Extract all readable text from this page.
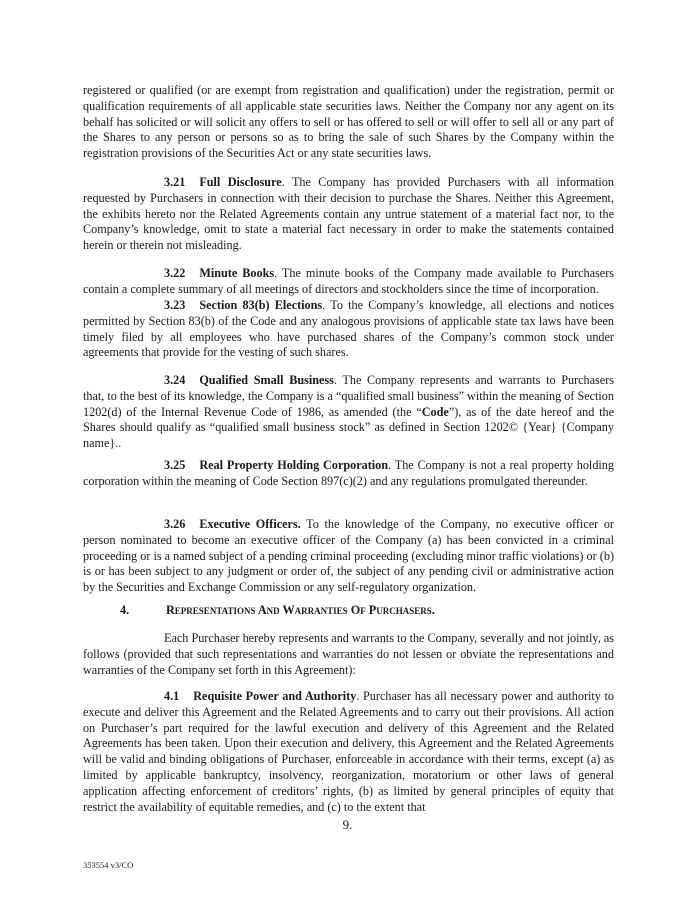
registered or qualified (or are exempt from registration and qualification) under the registration, permit or qualification requirements of all applicable state securities laws. Neither the Company nor any agent on its behalf has solicited or will solicit any offers to sell or has offered to sell or will offer to sell all or any part of the Shares to any person or persons so as to bring the sale of such Shares by the Company within the registration provisions of the Securities Act or any state securities laws.

3.21 Full Disclosure. The Company has provided Purchasers with all information requested by Purchasers in connection with their decision to purchase the Shares. Neither this Agreement, the exhibits hereto nor the Related Agreements contain any untrue statement of a material fact nor, to the Company’s knowledge, omit to state a material fact necessary in order to make the statements contained herein or therein not misleading.

3.22 Minute Books. The minute books of the Company made available to Purchasers contain a complete summary of all meetings of directors and stockholders since the time of incorporation.

3.23 Section 83(b) Elections. To the Company’s knowledge, all elections and notices permitted by Section 83(b) of the Code and any analogous provisions of applicable state tax laws have been timely filed by all employees who have purchased shares of the Company’s common stock under agreements that provide for the vesting of such shares.

3.24 Qualified Small Business. The Company represents and warrants to Purchasers that, to the best of its knowledge, the Company is a “qualified small business” within the meaning of Section 1202(d) of the Internal Revenue Code of 1986, as amended (the “Code”), as of the date hereof and the Shares should qualify as “qualified small business stock” as defined in Section 1202© {Year} {Company name}..

3.25 Real Property Holding Corporation. The Company is not a real property holding corporation within the meaning of Code Section 897(c)(2) and any regulations promulgated thereunder.

3.26 Executive Officers. To the knowledge of the Company, no executive officer or person nominated to become an executive officer of the Company (a) has been convicted in a criminal proceeding or is a named subject of a pending criminal proceeding (excluding minor traffic violations) or (b) is or has been subject to any judgment or order of, the subject of any pending civil or administrative action by the Securities and Exchange Commission or any self-regulatory organization.

4.	Representations And Warranties Of Purchasers.

Each Purchaser hereby represents and warrants to the Company, severally and not jointly, as follows (provided that such representations and warranties do not lessen or obviate the representations and warranties of the Company set forth in this Agreement):

4.1 Requisite Power and Authority. Purchaser has all necessary power and authority to execute and deliver this Agreement and the Related Agreements and to carry out their provisions. All action on Purchaser’s part required for the lawful execution and delivery of this Agreement and the Related Agreements has been taken. Upon their execution and delivery, this Agreement and the Related Agreements will be valid and binding obligations of Purchaser, enforceable in accordance with their terms, except (a) as limited by applicable bankruptcy, insolvency, reorganization, moratorium or other laws of general application affecting enforcement of creditors’ rights, (b) as limited by general principles of equity that restrict the availability of equitable remedies, and (c) to the extent that

9.
353554 v3/CO
